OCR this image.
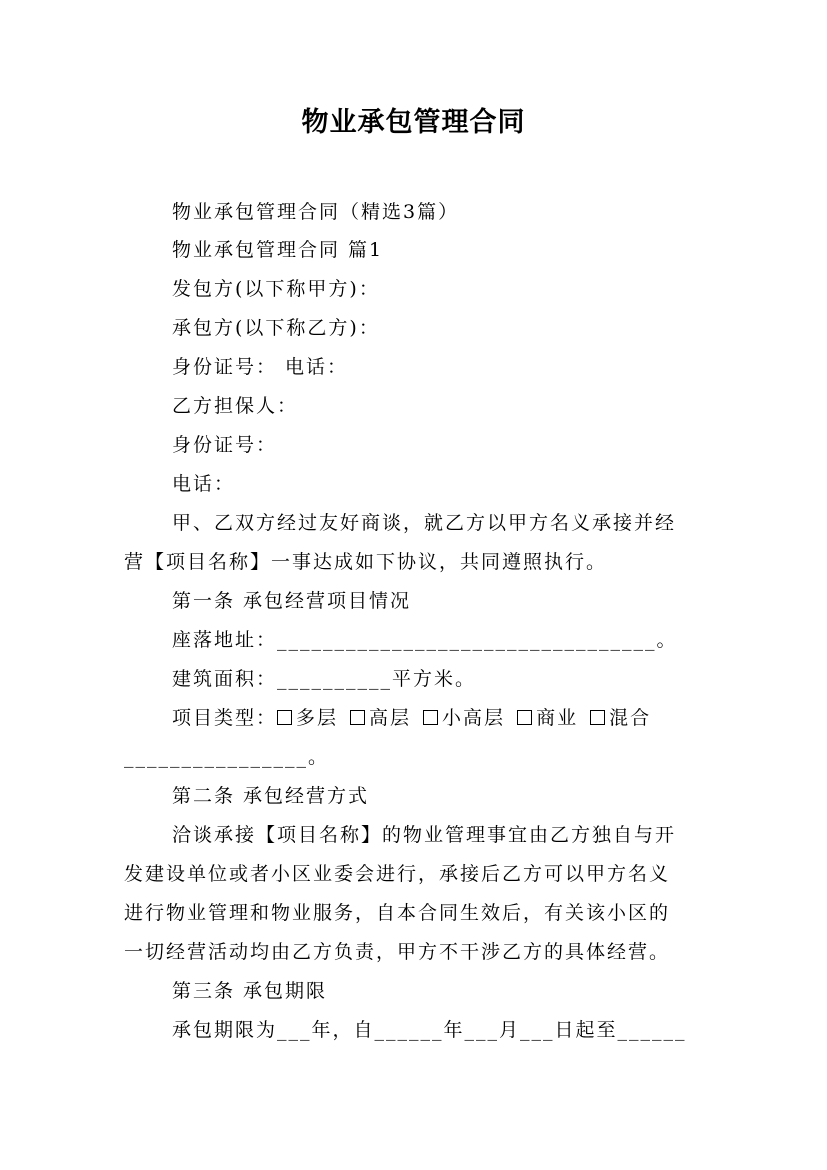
物业承包管理合同
物业承包管理合同（精选3篇）
物业承包管理合同 篇1
发包方(以下称甲方)：
承包方(以下称乙方)：
身份证号： 电话：
乙方担保人：
身份证号：
电话：
甲、乙双方经过友好商谈，就乙方以甲方名义承接并经
营【项目名称】一事达成如下协议，共同遵照执行。
第一条 承包经营项目情况
座落地址：_________________________________。
建筑面积：__________平方米。
项目类型： 多层 高层 小高层 商业 混合
________________。
第二条 承包经营方式
洽谈承接【项目名称】的物业管理事宜由乙方独自与开
发建设单位或者小区业委会进行，承接后乙方可以甲方名义
进行物业管理和物业服务，自本合同生效后，有关该小区的
一切经营活动均由乙方负责，甲方不干涉乙方的具体经营。
第三条 承包期限
承包期限为___年，自______年___月___日起至______
